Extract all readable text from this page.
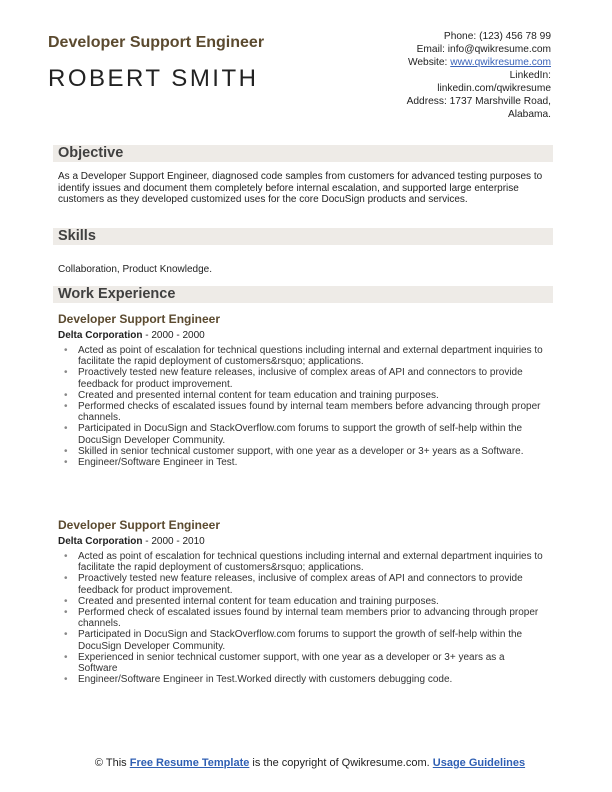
Developer Support Engineer
ROBERT SMITH
Phone: (123) 456 78 99
Email: info@qwikresume.com
Website: www.qwikresume.com
LinkedIn:
linkedin.com/qwikresume
Address: 1737 Marshville Road,
Alabama.
Objective
As a Developer Support Engineer, diagnosed code samples from customers for advanced testing purposes to identify issues and document them completely before internal escalation, and supported large enterprise customers as they developed customized uses for the core DocuSign products and services.
Skills
Collaboration, Product Knowledge.
Work Experience
Developer Support Engineer
Delta Corporation - 2000 - 2000
• Acted as point of escalation for technical questions including internal and external department inquiries to facilitate the rapid deployment of customers&rsquo; applications.
• Proactively tested new feature releases, inclusive of complex areas of API and connectors to provide feedback for product improvement.
• Created and presented internal content for team education and training purposes.
• Performed checks of escalated issues found by internal team members before advancing through proper channels.
• Participated in DocuSign and StackOverflow.com forums to support the growth of self-help within the DocuSign Developer Community.
• Skilled in senior technical customer support, with one year as a developer or 3+ years as a Software.
• Engineer/Software Engineer in Test.
Developer Support Engineer
Delta Corporation - 2000 - 2010
• Acted as point of escalation for technical questions including internal and external department inquiries to facilitate the rapid deployment of customers&rsquo; applications.
• Proactively tested new feature releases, inclusive of complex areas of API and connectors to provide feedback for product improvement.
• Created and presented internal content for team education and training purposes.
• Performed check of escalated issues found by internal team members prior to advancing through proper channels.
• Participated in DocuSign and StackOverflow.com forums to support the growth of self-help within the DocuSign Developer Community.
• Experienced in senior technical customer support, with one year as a developer or 3+ years as a Software
• Engineer/Software Engineer in Test.Worked directly with customers debugging code.
© This Free Resume Template is the copyright of Qwikresume.com. Usage Guidelines
